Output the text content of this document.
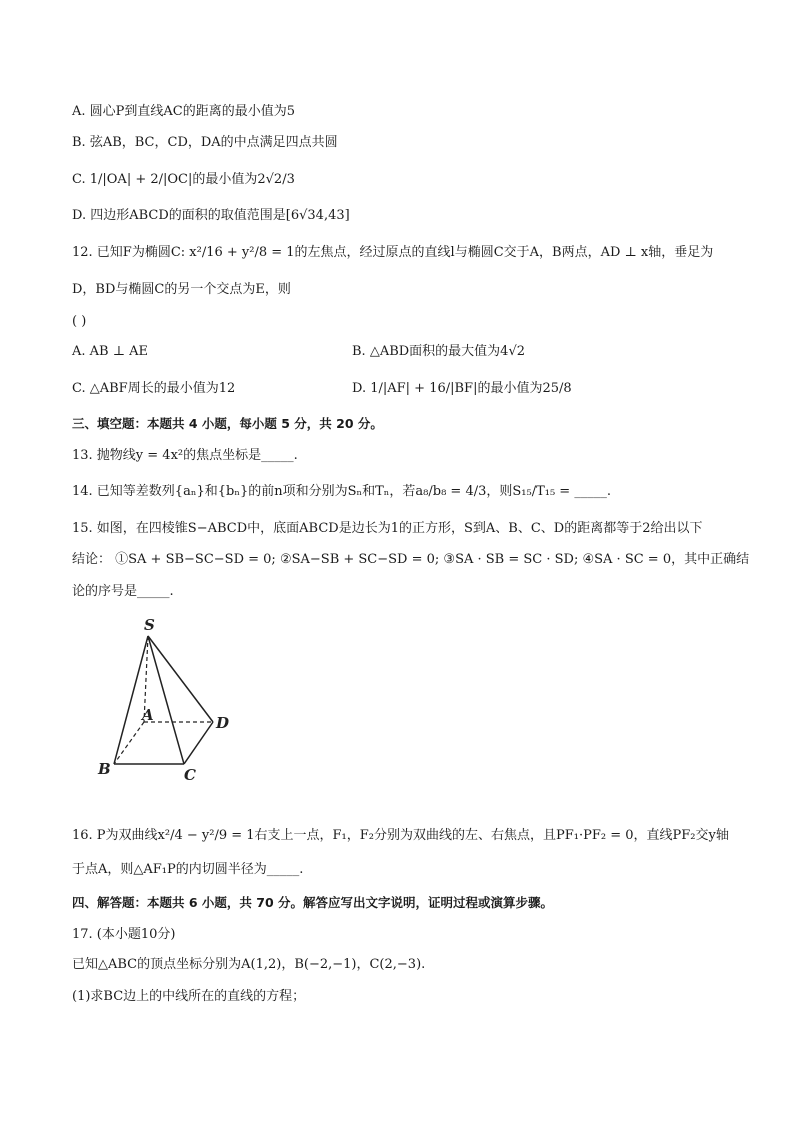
A. 圆心P到直线AC的距离的最小值为5
B. 弦AB，BC，CD，DA的中点满足四点共圆
C. 1/|OA| + 2/|OC|的最小值为2√2/3
D. 四边形ABCD的面积的取值范围是[6√34,43]
12. 已知F为椭圆C: x²/16 + y²/8 = 1的左焦点，经过原点的直线l与椭圆C交于A，B两点，AD ⊥ x轴，垂足为
D，BD与椭圆C的另一个交点为E，则
( )
A. AB ⊥ AE	B. △ABD面积的最大值为4√2
C. △ABF周长的最小值为12	D. 1/|AF| + 16/|BF|的最小值为25/8
三、填空题：本题共 4 小题，每小题 5 分，共 20 分。
13. 抛物线y = 4x²的焦点坐标是_____.
14. 已知等差数列{aₙ}和{bₙ}的前n项和分别为Sₙ和Tₙ，若a₈/b₈ = 4/3，则S₁₅/T₁₅ = _____.
15. 如图，在四棱锥S−ABCD中，底面ABCD是边长为1的正方形，S到A、B、C、D的距离都等于2给出以下
结论： ①SA + SB−SC−SD = 0; ②SA−SB + SC−SD = 0; ③SA · SB = SC · SD; ④SA · SC = 0，其中正确结
论的序号是_____.
S
A
B	C
D
16. P为双曲线x²/4 − y²/9 = 1右支上一点，F₁，F₂分别为双曲线的左、右焦点，且PF₁·PF₂ = 0，直线PF₂交y轴
于点A，则△AF₁P的内切圆半径为_____.
四、解答题：本题共 6 小题，共 70 分。解答应写出文字说明，证明过程或演算步骤。
17. (本小题10分)
已知△ABC的顶点坐标分别为A(1,2)，B(−2,−1)，C(2,−3).
(1)求BC边上的中线所在的直线的方程；
